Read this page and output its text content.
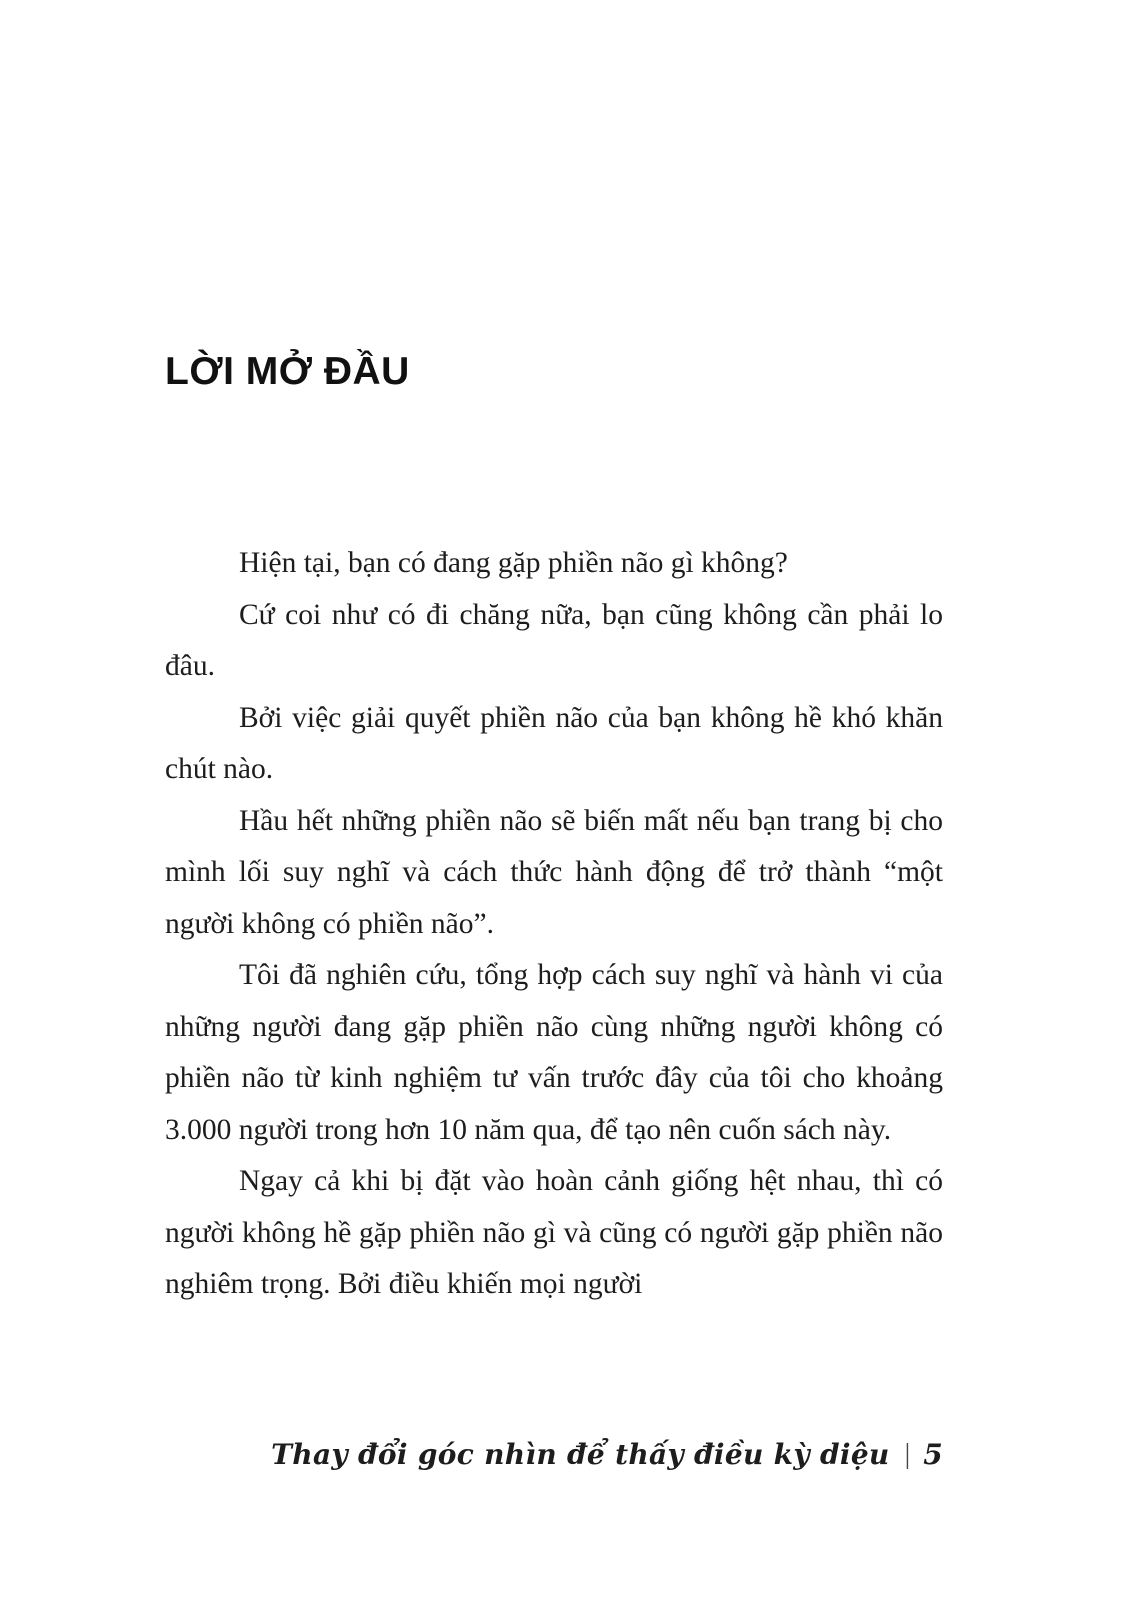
LỜI MỞ ĐẦU

Hiện tại, bạn có đang gặp phiền não gì không?

Cứ coi như có đi chăng nữa, bạn cũng không cần phải lo đâu.

Bởi việc giải quyết phiền não của bạn không hề khó khăn chút nào.

Hầu hết những phiền não sẽ biến mất nếu bạn trang bị cho mình lối suy nghĩ và cách thức hành động để trở thành “một người không có phiền não”.

Tôi đã nghiên cứu, tổng hợp cách suy nghĩ và hành vi của những người đang gặp phiền não cùng những người không có phiền não từ kinh nghiệm tư vấn trước đây của tôi cho khoảng 3.000 người trong hơn 10 năm qua, để tạo nên cuốn sách này.

Ngay cả khi bị đặt vào hoàn cảnh giống hệt nhau, thì có người không hề gặp phiền não gì và cũng có người gặp phiền não nghiêm trọng. Bởi điều khiến mọi người

Thay đổi góc nhìn để thấy điều kỳ diệu | 5
